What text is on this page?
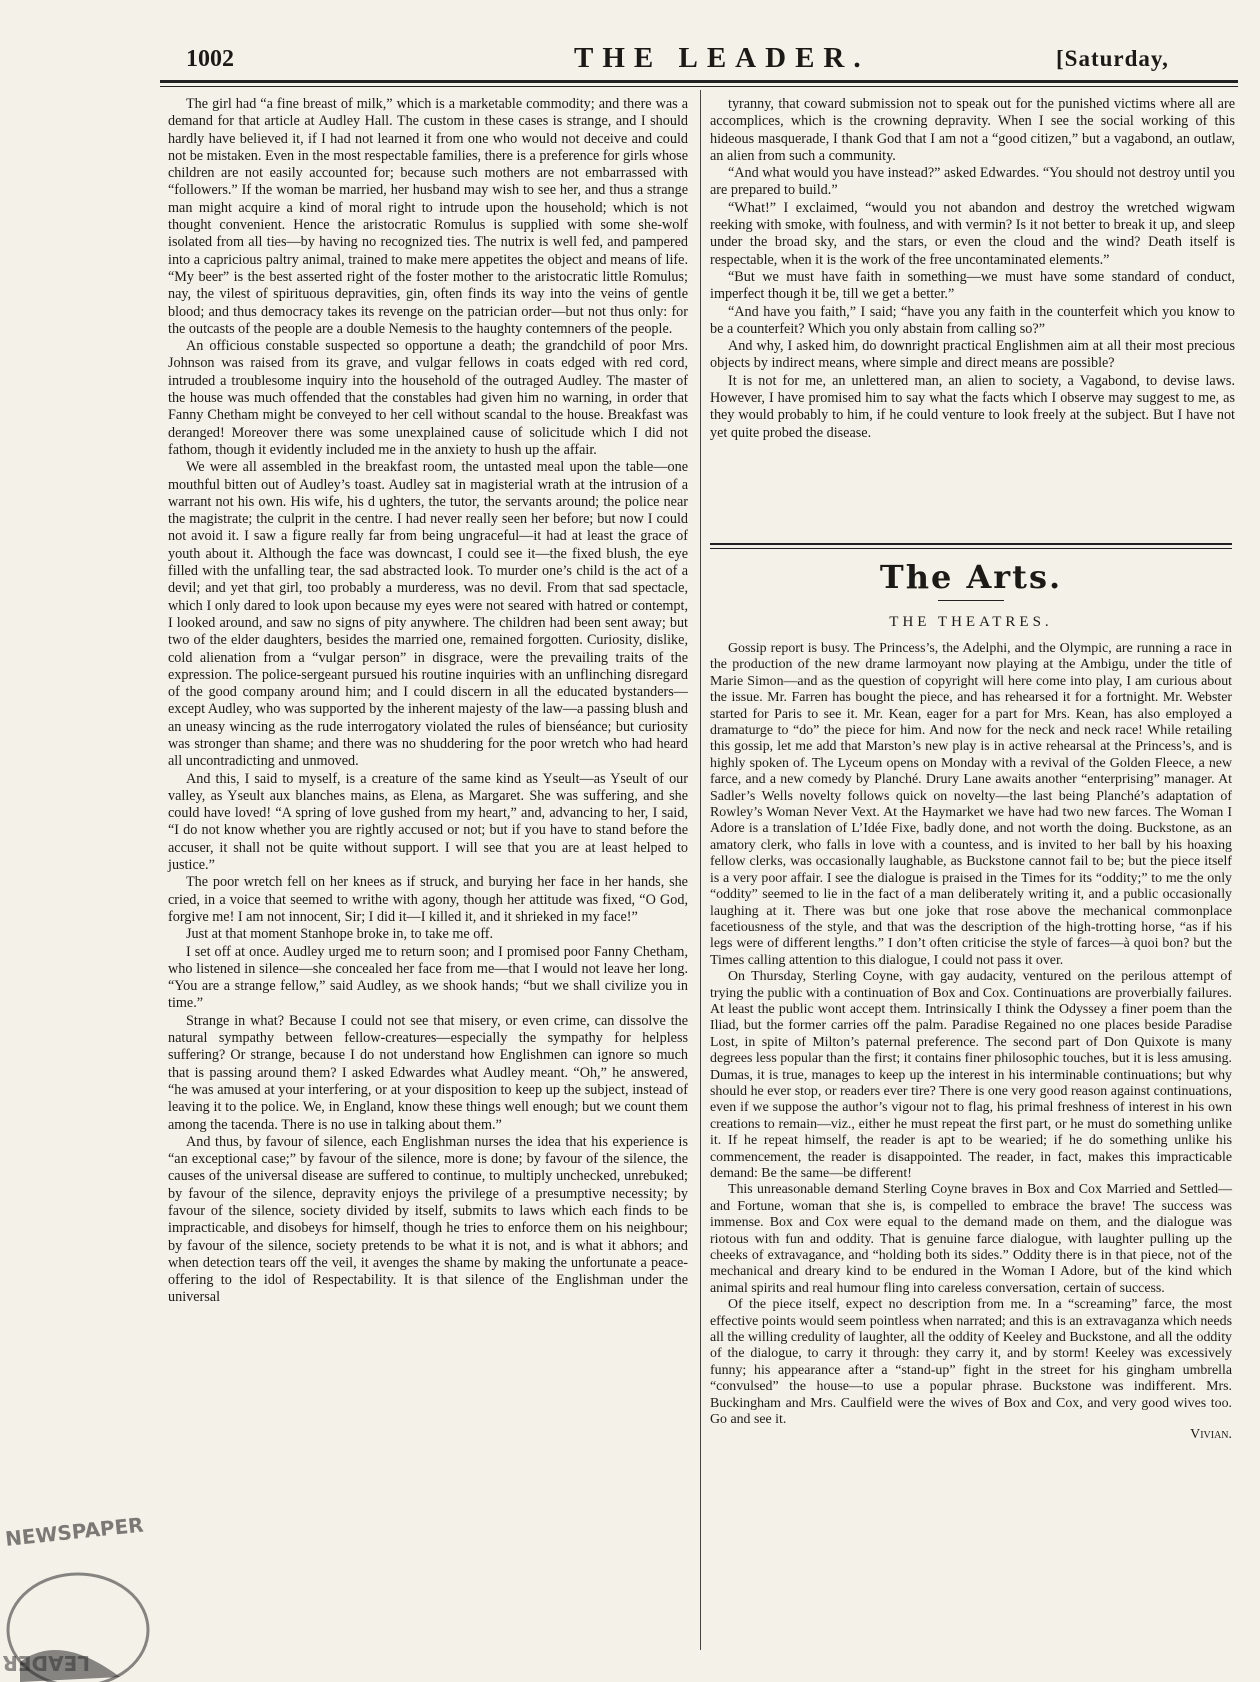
1002	THE LEADER.	[Saturday,

The girl had “a fine breast of milk,” which is a marketable commodity; and there was a demand for that article at Audley Hall. The custom in these cases is strange, and I should hardly have believed it, if I had not learned it from one who would not deceive and could not be mistaken. Even in the most respectable families, there is a preference for girls whose children are not easily accounted for; because such mothers are not embarrassed with “followers.” If the woman be married, her husband may wish to see her, and thus a strange man might acquire a kind of moral right to intrude upon the household; which is not thought convenient. Hence the aristocratic Romulus is supplied with some she-wolf isolated from all ties—by having no recognized ties. The nutrix is well fed, and pampered into a capricious paltry animal, trained to make mere appetites the object and means of life. “My beer” is the best asserted right of the foster mother to the aristocratic little Romulus; nay, the vilest of spirituous depravities, gin, often finds its way into the veins of gentle blood; and thus democracy takes its revenge on the patrician order—but not thus only: for the outcasts of the people are a double Nemesis to the haughty contemners of the people.

An officious constable suspected so opportune a death; the grandchild of poor Mrs. Johnson was raised from its grave, and vulgar fellows in coats edged with red cord, intruded a troublesome inquiry into the household of the outraged Audley. The master of the house was much offended that the constables had given him no warning, in order that Fanny Chetham might be conveyed to her cell without scandal to the house. Breakfast was deranged! Moreover there was some unexplained cause of solicitude which I did not fathom, though it evidently included me in the anxiety to hush up the affair.

We were all assembled in the breakfast room, the untasted meal upon the table—one mouthful bitten out of Audley’s toast. Audley sat in magisterial wrath at the intrusion of a warrant not his own. His wife, his d ughters, the tutor, the servants around; the police near the magistrate; the culprit in the centre. I had never really seen her before; but now I could not avoid it. I saw a figure really far from being ungraceful—it had at least the grace of youth about it. Although the face was downcast, I could see it—the fixed blush, the eye filled with the unfalling tear, the sad abstracted look. To murder one’s child is the act of a devil; and yet that girl, too probably a murderess, was no devil. From that sad spectacle, which I only dared to look upon because my eyes were not seared with hatred or contempt, I looked around, and saw no signs of pity anywhere. The children had been sent away; but two of the elder daughters, besides the married one, remained forgotten. Curiosity, dislike, cold alienation from a “vulgar person” in disgrace, were the prevailing traits of the expression. The police-sergeant pursued his routine inquiries with an unflinching disregard of the good company around him; and I could discern in all the educated bystanders—except Audley, who was supported by the inherent majesty of the law—a passing blush and an uneasy wincing as the rude interrogatory violated the rules of bienséance; but curiosity was stronger than shame; and there was no shuddering for the poor wretch who had heard all uncontradicting and unmoved.

And this, I said to myself, is a creature of the same kind as Yseult—as Yseult of our valley, as Yseult aux blanches mains, as Elena, as Margaret. She was suffering, and she could have loved! “A spring of love gushed from my heart,” and, advancing to her, I said, “I do not know whether you are rightly accused or not; but if you have to stand before the accuser, it shall not be quite without support. I will see that you are at least helped to justice.”

The poor wretch fell on her knees as if struck, and burying her face in her hands, she cried, in a voice that seemed to writhe with agony, though her attitude was fixed, “O God, forgive me! I am not innocent, Sir; I did it—I killed it, and it shrieked in my face!”

Just at that moment Stanhope broke in, to take me off.

I set off at once. Audley urged me to return soon; and I promised poor Fanny Chetham, who listened in silence—she concealed her face from me—that I would not leave her long. “You are a strange fellow,” said Audley, as we shook hands; “but we shall civilize you in time.”

Strange in what? Because I could not see that misery, or even crime, can dissolve the natural sympathy between fellow-creatures—especially the sympathy for helpless suffering? Or strange, because I do not understand how Englishmen can ignore so much that is passing around them? I asked Edwardes what Audley meant. “Oh,” he answered, “he was amused at your interfering, or at your disposition to keep up the subject, instead of leaving it to the police. We, in England, know these things well enough; but we count them among the tacenda. There is no use in talking about them.”

And thus, by favour of silence, each Englishman nurses the idea that his experience is “an exceptional case;” by favour of the silence, more is done; by favour of the silence, the causes of the universal disease are suffered to continue, to multiply unchecked, unrebuked; by favour of the silence, depravity enjoys the privilege of a presumptive necessity; by favour of the silence, society divided by itself, submits to laws which each finds to be impracticable, and disobeys for himself, though he tries to enforce them on his neighbour; by favour of the silence, society pretends to be what it is not, and is what it abhors; and when detection tears off the veil, it avenges the shame by making the unfortunate a peace-offering to the idol of Respectability. It is that silence of the Englishman under the universal

tyranny, that coward submission not to speak out for the punished victims where all are accomplices, which is the crowning depravity. When I see the social working of this hideous masquerade, I thank God that I am not a “good citizen,” but a vagabond, an outlaw, an alien from such a community.

“And what would you have instead?” asked Edwardes. “You should not destroy until you are prepared to build.”

“What!” I exclaimed, “would you not abandon and destroy the wretched wigwam reeking with smoke, with foulness, and with vermin? Is it not better to break it up, and sleep under the broad sky, and the stars, or even the cloud and the wind? Death itself is respectable, when it is the work of the free uncontaminated elements.”

“But we must have faith in something—we must have some standard of conduct, imperfect though it be, till we get a better.”

“And have you faith,” I said; “have you any faith in the counterfeit which you know to be a counterfeit? Which you only abstain from calling so?”

And why, I asked him, do downright practical Englishmen aim at all their most precious objects by indirect means, where simple and direct means are possible?

It is not for me, an unlettered man, an alien to society, a Vagabond, to devise laws. However, I have promised him to say what the facts which I observe may suggest to me, as they would probably to him, if he could venture to look freely at the subject. But I have not yet quite probed the disease.

The Arts.
THE THEATRES.

Gossip report is busy. The Princess’s, the Adelphi, and the Olympic, are running a race in the production of the new drame larmoyant now playing at the Ambigu, under the title of Marie Simon—and as the question of copyright will here come into play, I am curious about the issue. Mr. Farren has bought the piece, and has rehearsed it for a fortnight. Mr. Webster started for Paris to see it. Mr. Kean, eager for a part for Mrs. Kean, has also employed a dramaturge to “do” the piece for him. And now for the neck and neck race! While retailing this gossip, let me add that Marston’s new play is in active rehearsal at the Princess’s, and is highly spoken of. The Lyceum opens on Monday with a revival of the Golden Fleece, a new farce, and a new comedy by Planché. Drury Lane awaits another “enterprising” manager. At Sadler’s Wells novelty follows quick on novelty—the last being Planché’s adaptation of Rowley’s Woman Never Vext. At the Haymarket we have had two new farces. The Woman I Adore is a translation of L’Idée Fixe, badly done, and not worth the doing. Buckstone, as an amatory clerk, who falls in love with a countess, and is invited to her ball by his hoaxing fellow clerks, was occasionally laughable, as Buckstone cannot fail to be; but the piece itself is a very poor affair. I see the dialogue is praised in the Times for its “oddity;” to me the only “oddity” seemed to lie in the fact of a man deliberately writing it, and a public occasionally laughing at it. There was but one joke that rose above the mechanical commonplace facetiousness of the style, and that was the description of the high-trotting horse, “as if his legs were of different lengths.” I don’t often criticise the style of farces—à quoi bon? but the Times calling attention to this dialogue, I could not pass it over.

On Thursday, Sterling Coyne, with gay audacity, ventured on the perilous attempt of trying the public with a continuation of Box and Cox. Continuations are proverbially failures. At least the public wont accept them. Intrinsically I think the Odyssey a finer poem than the Iliad, but the former carries off the palm. Paradise Regained no one places beside Paradise Lost, in spite of Milton’s paternal preference. The second part of Don Quixote is many degrees less popular than the first; it contains finer philosophic touches, but it is less amusing. Dumas, it is true, manages to keep up the interest in his interminable continuations; but why should he ever stop, or readers ever tire? There is one very good reason against continuations, even if we suppose the author’s vigour not to flag, his primal freshness of interest in his own creations to remain—viz., either he must repeat the first part, or he must do something unlike it. If he repeat himself, the reader is apt to be wearied; if he do something unlike his commencement, the reader is disappointed. The reader, in fact, makes this impracticable demand: Be the same—be different!

This unreasonable demand Sterling Coyne braves in Box and Cox Married and Settled—and Fortune, woman that she is, is compelled to embrace the brave! The success was immense. Box and Cox were equal to the demand made on them, and the dialogue was riotous with fun and oddity. That is genuine farce dialogue, with laughter pulling up the cheeks of extravagance, and “holding both its sides.” Oddity there is in that piece, not of the mechanical and dreary kind to be endured in the Woman I Adore, but of the kind which animal spirits and real humour fling into careless conversation, certain of success.

Of the piece itself, expect no description from me. In a “screaming” farce, the most effective points would seem pointless when narrated; and this is an extravaganza which needs all the willing credulity of laughter, all the oddity of Keeley and Buckstone, and all the oddity of the dialogue, to carry it through: they carry it, and by storm! Keeley was excessively funny; his appearance after a “stand-up” fight in the street for his gingham umbrella “convulsed” the house—to use a popular phrase. Buckstone was indifferent. Mrs. Buckingham and Mrs. Caulfield were the wives of Box and Cox, and very good wives too. Go and see it.

Vivian.
NEWSPAPER
LEADER
